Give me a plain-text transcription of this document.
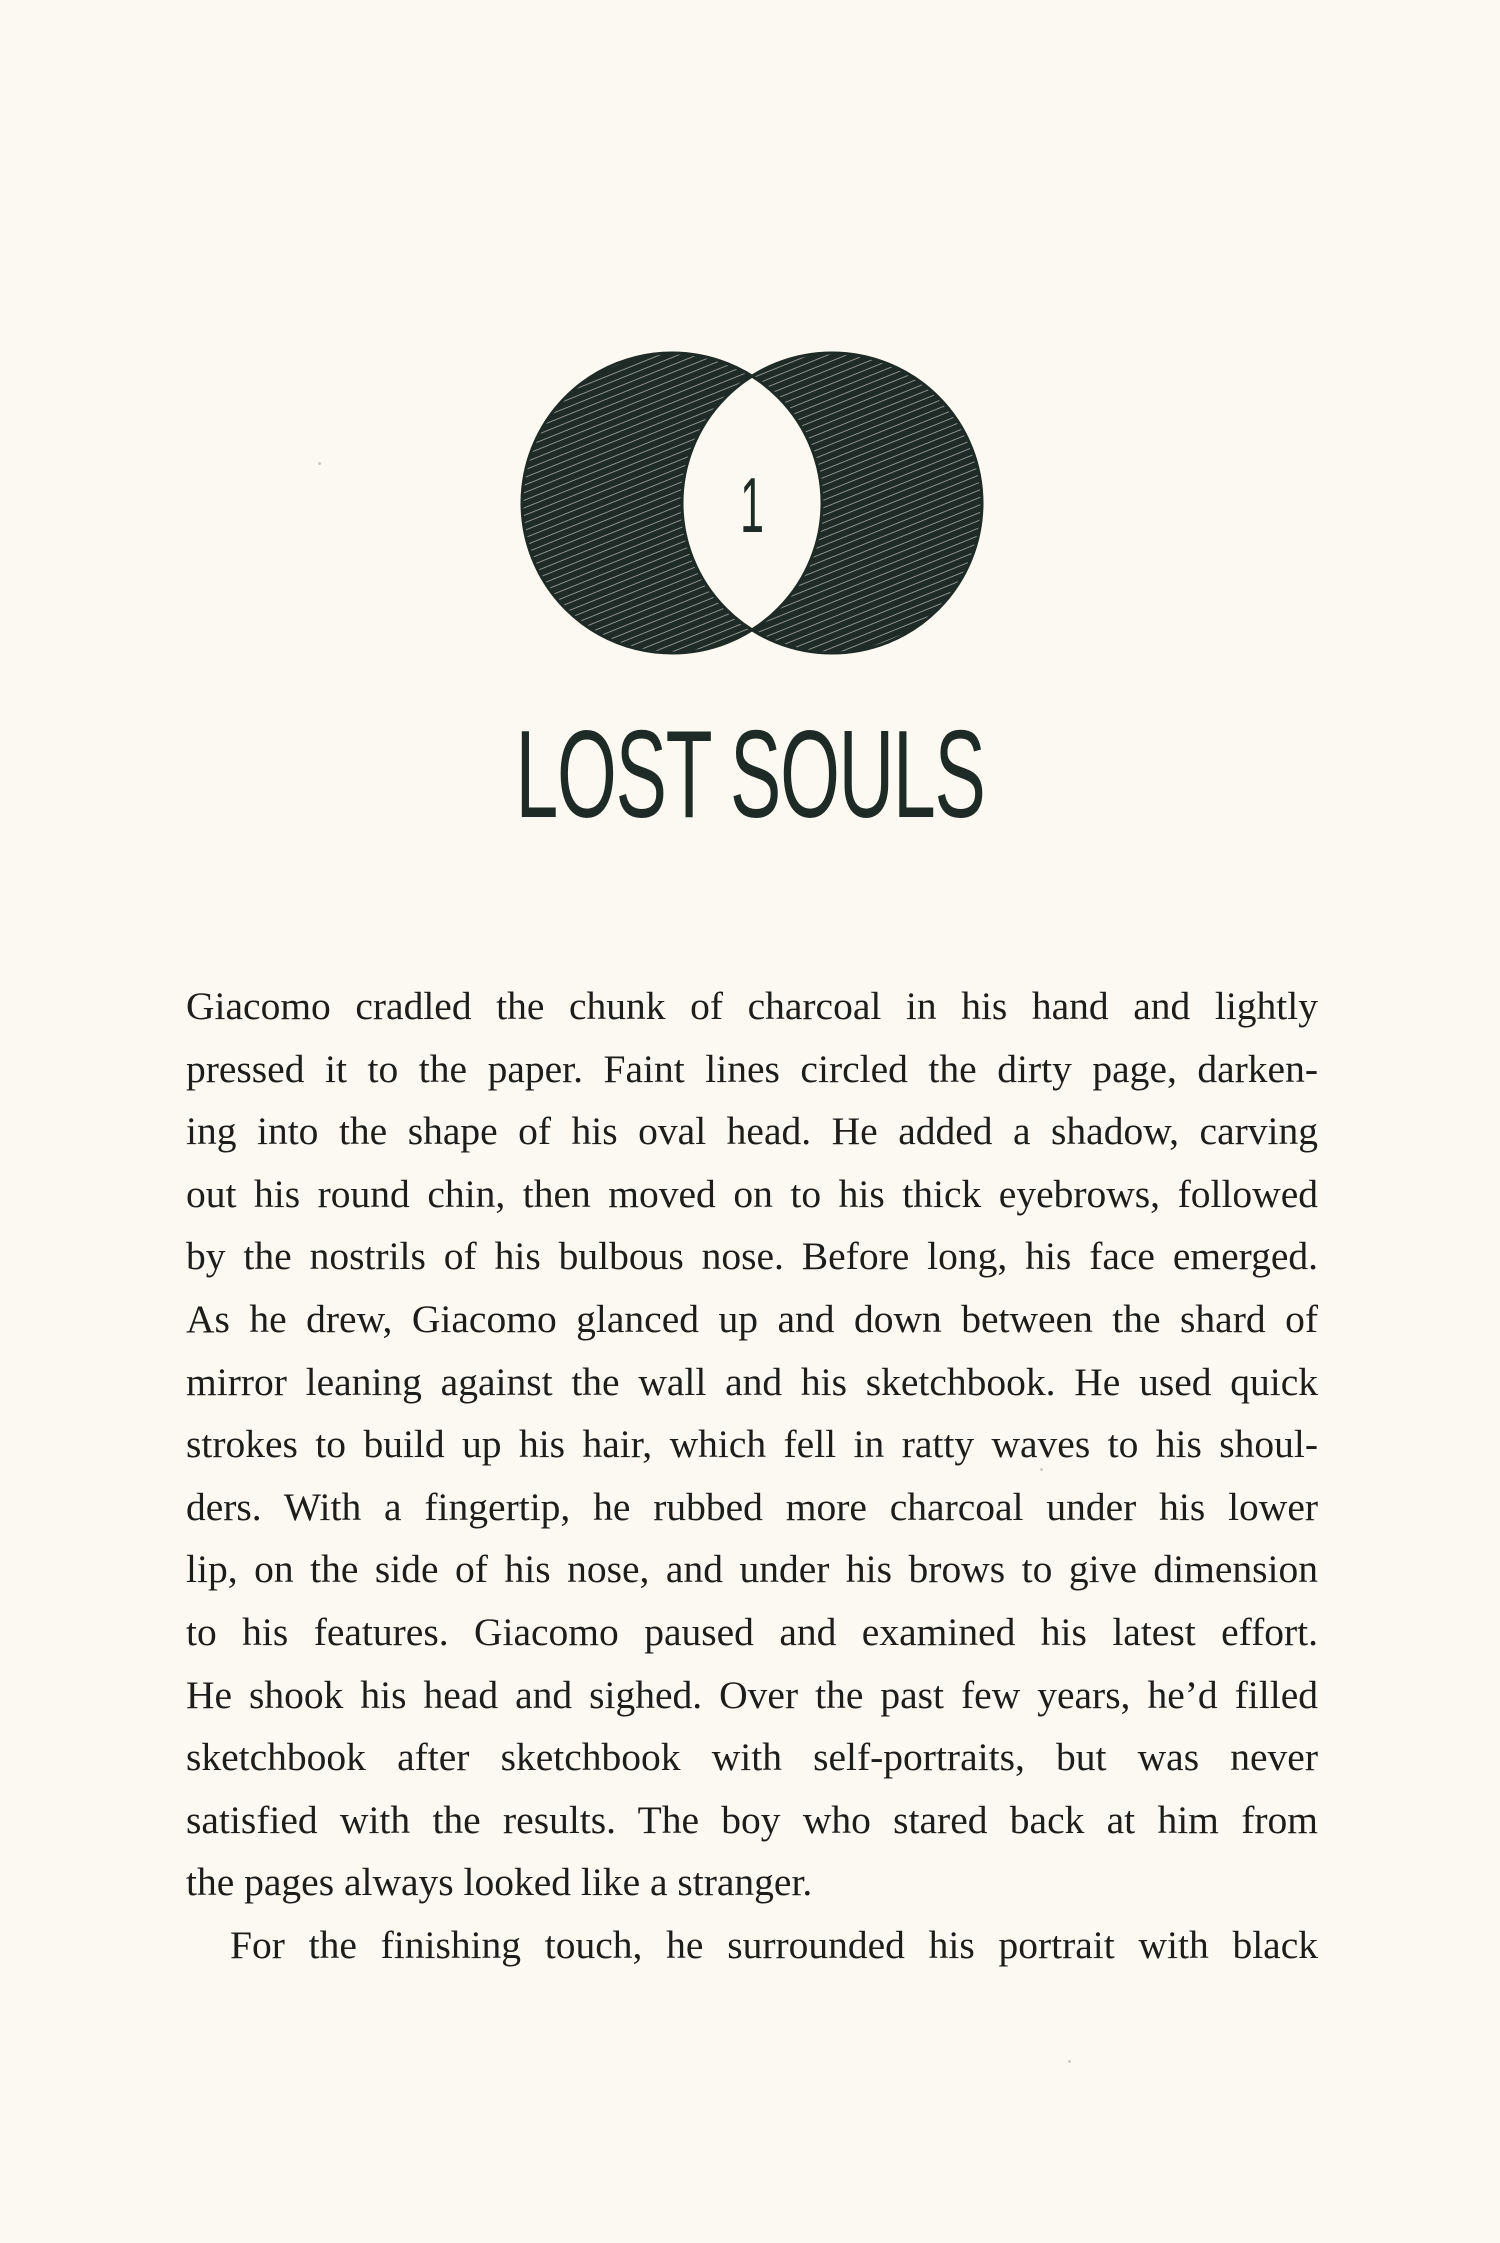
1
LOST SOULS
Giacomo cradled the chunk of charcoal in his hand and lightly
pressed it to the paper. Faint lines circled the dirty page, darken-
ing into the shape of his oval head. He added a shadow, carving
out his round chin, then moved on to his thick eyebrows, followed
by the nostrils of his bulbous nose. Before long, his face emerged.
As he drew, Giacomo glanced up and down between the shard of
mirror leaning against the wall and his sketchbook. He used quick
strokes to build up his hair, which fell in ratty waves to his shoul-
ders. With a fingertip, he rubbed more charcoal under his lower
lip, on the side of his nose, and under his brows to give dimension
to his features. Giacomo paused and examined his latest effort.
He shook his head and sighed. Over the past few years, he’d filled
sketchbook after sketchbook with self-portraits, but was never
satisfied with the results. The boy who stared back at him from
the pages always looked like a stranger.
For the finishing touch, he surrounded his portrait with black
